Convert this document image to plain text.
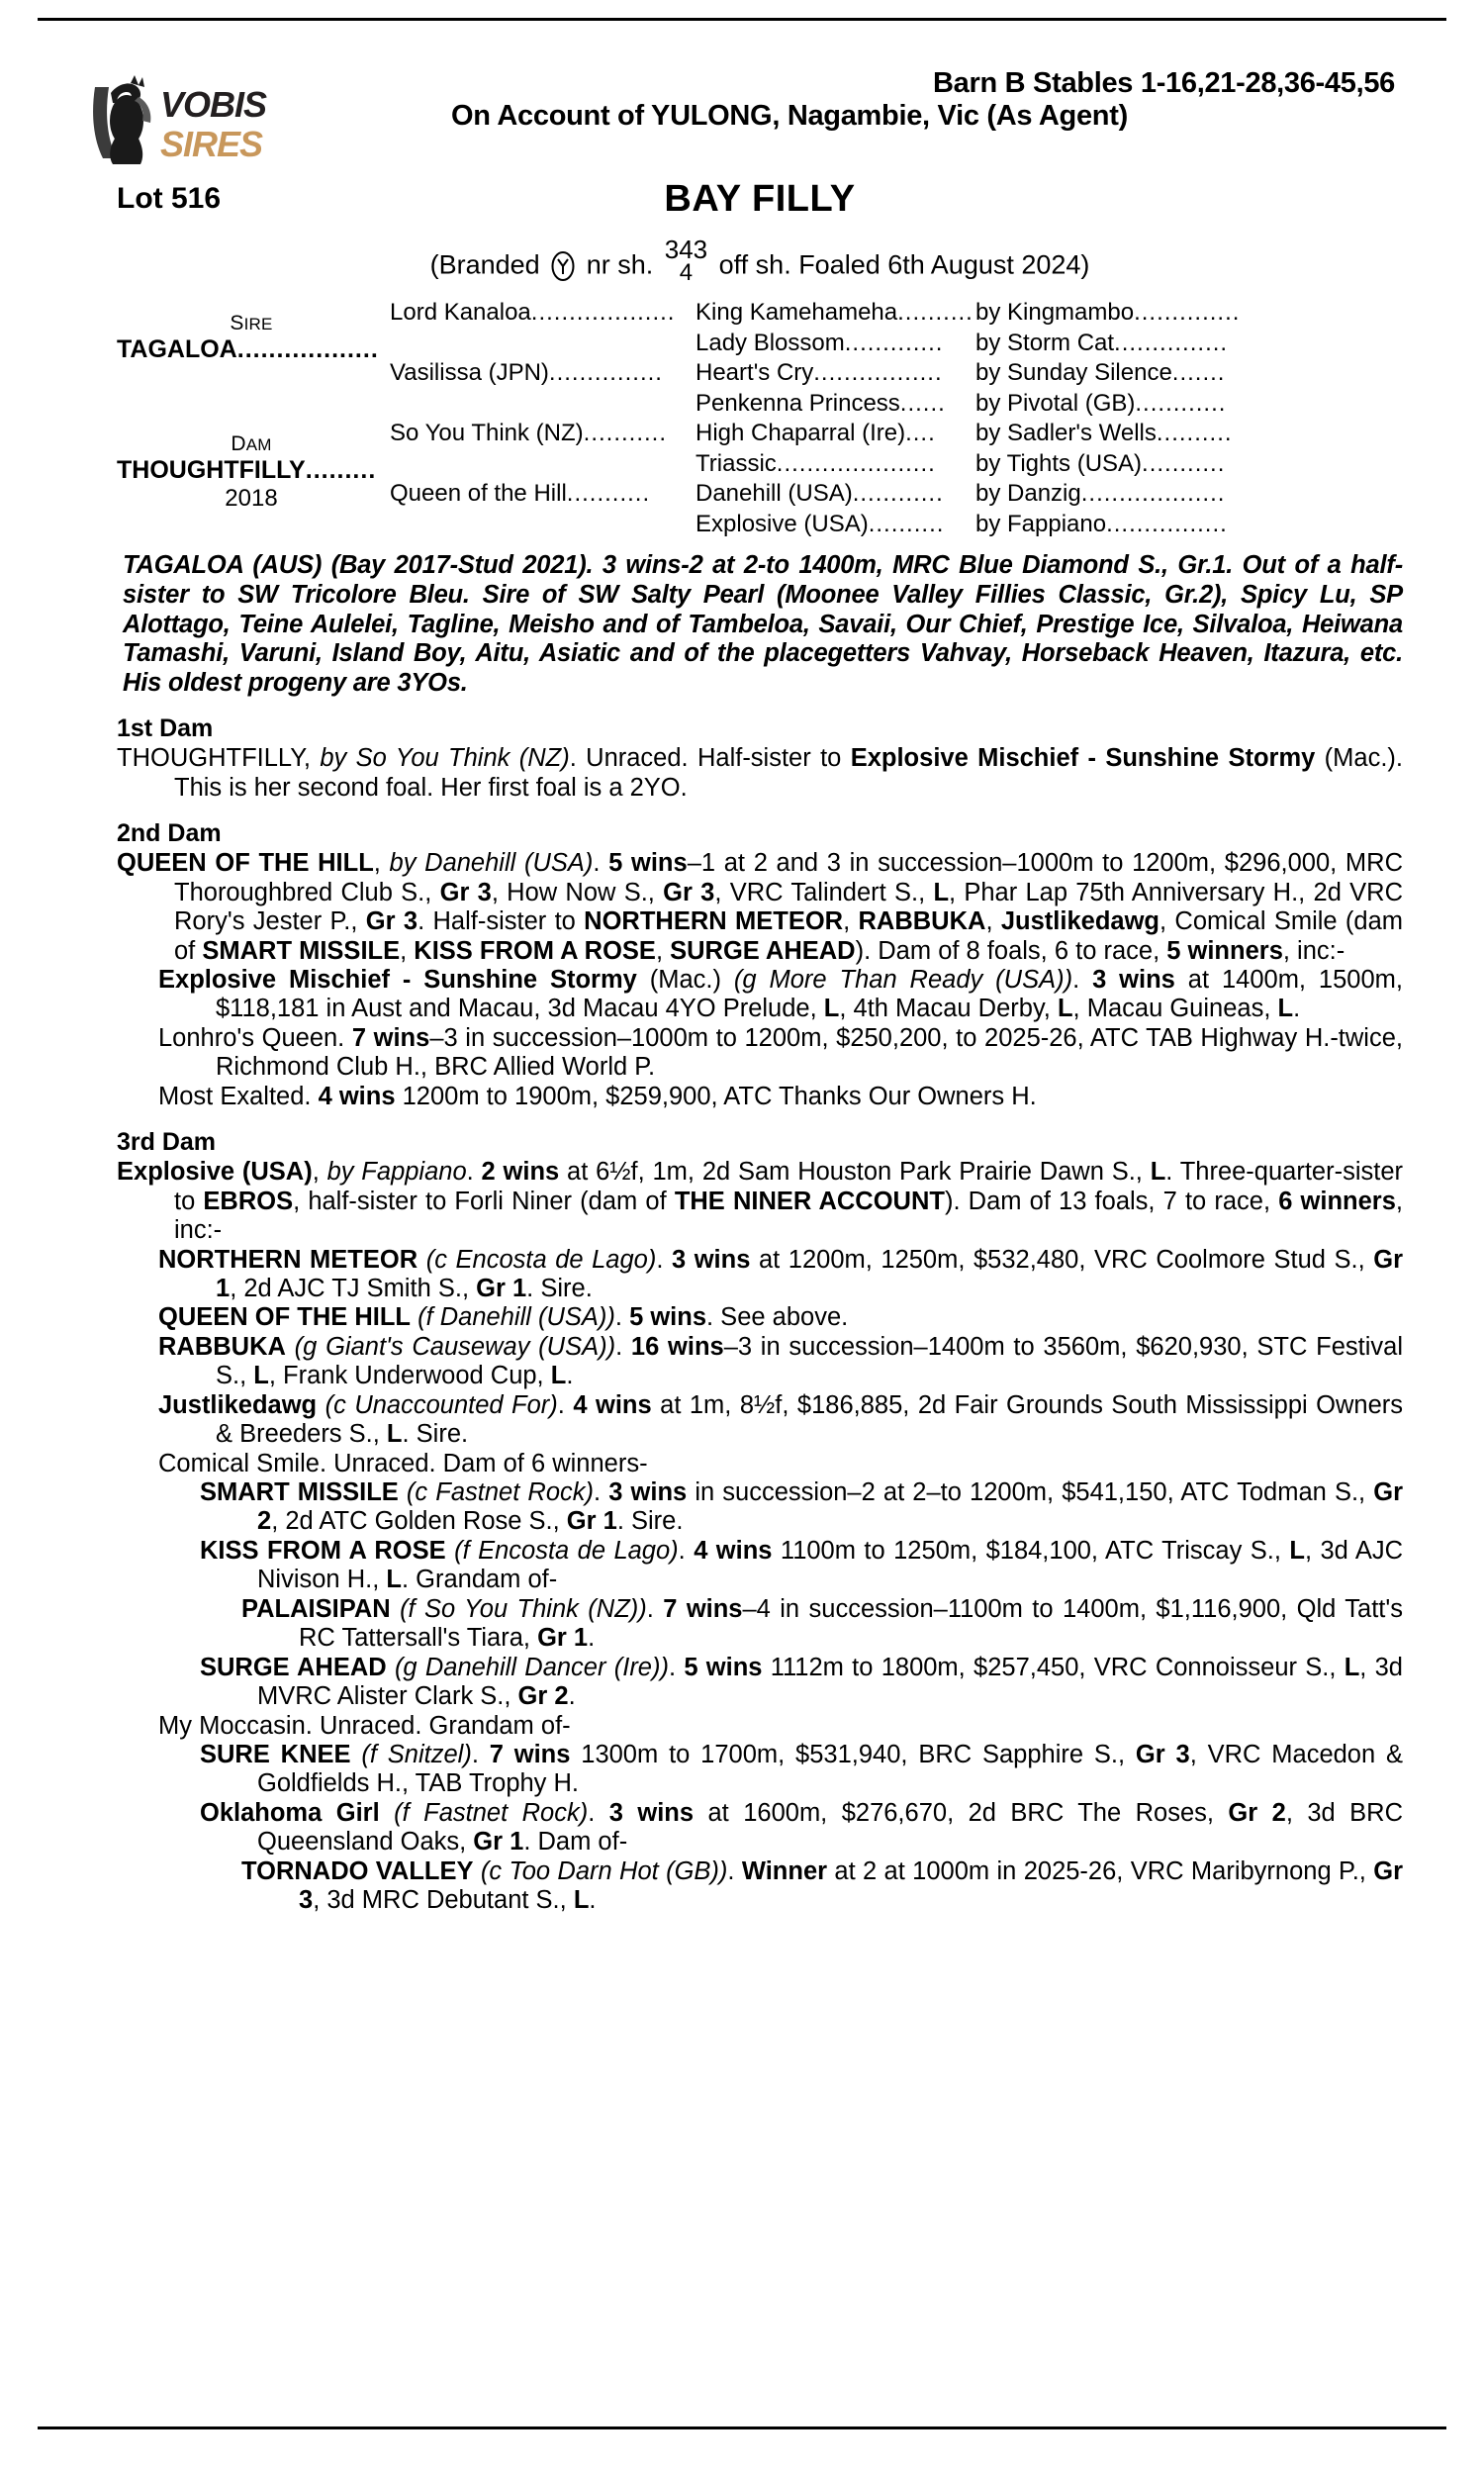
VOBIS
SIRES
Barn B Stables 1-16,21-28,36-45,56
On Account of YULONG, Nagambie, Vic (As Agent)
Lot 516	BAY FILLY
(Branded nr sh.
343
4 off sh. Foaled 6th August 2024)
SIRE
TAGALOA..................
DAM
THOUGHTFILLY.........
2018
Lord Kanaloa...................
Vasilissa (JPN)...............
So You Think (NZ)...........
Queen of the Hill...........
King Kamehameha..........
Lady Blossom.............
Heart's Cry.................
Penkenna Princess......
High Chaparral (Ire)....
Triassic.....................
Danehill (USA)............
Explosive (USA)..........
by Kingmambo..............
by Storm Cat...............
by Sunday Silence.......
by Pivotal (GB)............
by Sadler's Wells..........
by Tights (USA)...........
by Danzig...................
by Fappiano................
TAGALOA (AUS) (Bay 2017-Stud 2021). 3 wins-2 at 2-to 1400m, MRC Blue Diamond S., Gr.1. Out of a half-sister to SW Tricolore Bleu. Sire of SW Salty Pearl (Moonee Valley Fillies Classic, Gr.2), Spicy Lu, SP Alottago, Teine Aulelei, Tagline, Meisho and of Tambeloa, Savaii, Our Chief, Prestige Ice, Silvaloa, Heiwana Tamashi, Varuni, Island Boy, Aitu, Asiatic and of the placegetters Vahvay, Horseback Heaven, Itazura, etc. His oldest progeny are 3YOs.
1st Dam

THOUGHTFILLY, by So You Think (NZ). Unraced. Half-sister to Explosive Mischief - Sunshine Stormy (Mac.). This is her second foal. Her first foal is a 2YO.

2nd Dam

QUEEN OF THE HILL, by Danehill (USA). 5 wins–1 at 2 and 3 in succession–1000m to 1200m, $296,000, MRC Thoroughbred Club S., Gr 3, How Now S., Gr 3, VRC Talindert S., L, Phar Lap 75th Anniversary H., 2d VRC Rory's Jester P., Gr 3. Half-sister to NORTHERN METEOR, RABBUKA, Justlikedawg, Comical Smile (dam of SMART MISSILE, KISS FROM A ROSE, SURGE AHEAD). Dam of 8 foals, 6 to race, 5 winners, inc:-

Explosive Mischief - Sunshine Stormy (Mac.) (g More Than Ready (USA)). 3 wins at 1400m, 1500m, $118,181 in Aust and Macau, 3d Macau 4YO Prelude, L, 4th Macau Derby, L, Macau Guineas, L.

Lonhro's Queen. 7 wins–3 in succession–1000m to 1200m, $250,200, to 2025-26, ATC TAB Highway H.-twice, Richmond Club H., BRC Allied World P.

Most Exalted. 4 wins 1200m to 1900m, $259,900, ATC Thanks Our Owners H.

3rd Dam

Explosive (USA), by Fappiano. 2 wins at 6½f, 1m, 2d Sam Houston Park Prairie Dawn S., L. Three-quarter-sister to EBROS, half-sister to Forli Niner (dam of THE NINER ACCOUNT). Dam of 13 foals, 7 to race, 6 winners, inc:-

NORTHERN METEOR (c Encosta de Lago). 3 wins at 1200m, 1250m, $532,480, VRC Coolmore Stud S., Gr 1, 2d AJC TJ Smith S., Gr 1. Sire.

QUEEN OF THE HILL (f Danehill (USA)). 5 wins. See above.

RABBUKA (g Giant's Causeway (USA)). 16 wins–3 in succession–1400m to 3560m, $620,930, STC Festival S., L, Frank Underwood Cup, L.

Justlikedawg (c Unaccounted For). 4 wins at 1m, 8½f, $186,885, 2d Fair Grounds South Mississippi Owners & Breeders S., L. Sire.

Comical Smile. Unraced. Dam of 6 winners-

SMART MISSILE (c Fastnet Rock). 3 wins in succession–2 at 2–to 1200m, $541,150, ATC Todman S., Gr 2, 2d ATC Golden Rose S., Gr 1. Sire.

KISS FROM A ROSE (f Encosta de Lago). 4 wins 1100m to 1250m, $184,100, ATC Triscay S., L, 3d AJC Nivison H., L. Grandam of-

PALAISIPAN (f So You Think (NZ)). 7 wins–4 in succession–1100m to 1400m, $1,116,900, Qld Tatt's RC Tattersall's Tiara, Gr 1.

SURGE AHEAD (g Danehill Dancer (Ire)). 5 wins 1112m to 1800m, $257,450, VRC Connoisseur S., L, 3d MVRC Alister Clark S., Gr 2.

My Moccasin. Unraced. Grandam of-

SURE KNEE (f Snitzel). 7 wins 1300m to 1700m, $531,940, BRC Sapphire S., Gr 3, VRC Macedon & Goldfields H., TAB Trophy H.

Oklahoma Girl (f Fastnet Rock). 3 wins at 1600m, $276,670, 2d BRC The Roses, Gr 2, 3d BRC Queensland Oaks, Gr 1. Dam of-

TORNADO VALLEY (c Too Darn Hot (GB)). Winner at 2 at 1000m in 2025-26, VRC Maribyrnong P., Gr 3, 3d MRC Debutant S., L.
